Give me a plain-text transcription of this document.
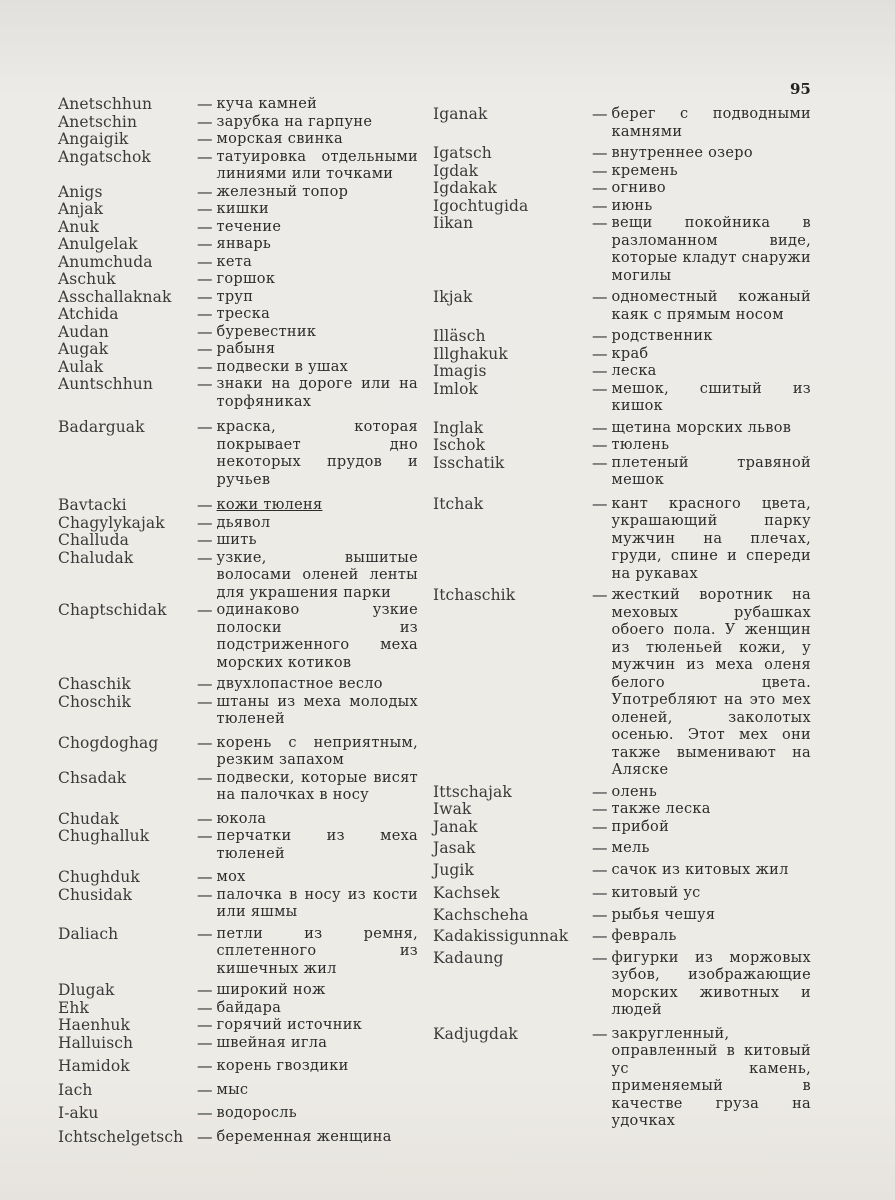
95
Anetschhun	— куча камней
Anetschin	— зарубка на гарпуне
Angaigik	— морская свинка
Angatschok	— татуировка отдельными линиями или точками
Anigs	— железный топор
Anjak	— кишки
Anuk	— течение
Anulgelak	— январь
Anumchuda	— кета
Aschuk	— горшок
Asschallaknak	— труп
Atchida	— треска
Audan	— буревестник
Augak	— рабыня
Aulak	— подвески в ушах
Auntschhun	— знаки на дороге или на торфяниках
Badarguak	— краска, которая покрывает дно некоторых прудов и ручьев
Bavtacki	— кожи тюленя
Chagylykajak	— дьявол
Challuda	— шить
Chaludak	— узкие, вышитые волосами оленей ленты для украшения парки
Chaptschidak	— одинаково узкие полоски из подстриженного меха морских котиков
Chaschik	— двухлопастное весло
Choschik	— штаны из меха молодых тюленей
Chogdoghag	— корень с неприятным, резким запахом
Chsadak	— подвески, которые висят на палочках в носу
Chudak	— юкола
Chughalluk	— перчатки из меха тюленей
Chughduk	— мох
Chusidak	— палочка в носу из кости или яшмы
Daliach	— петли из ремня, сплетенного из кишечных жил
Dlugak	— широкий нож
Ehk	— байдара
Haenhuk	— горячий источник
Halluisch	— швейная игла
Hamidok	— корень гвоздики
Iach	— мыс
I-aku	— водоросль
Ichtschelgetsch — беременная женщина
Iganak	— берег с подводными камнями
Igatsch	— внутреннее озеро
Igdak	— кремень
Igdakak	— огниво
Igochtugida	— июнь
Iikan	— вещи покойника в разломанном виде, которые кладут снаружи могилы
Ikjak	— одноместный кожаный каяк с прямым носом
Illäsch	— родственник
Illghakuk	— краб
Imagis	— леска
Imlok	— мешок, сшитый из кишок
Inglak	— щетина морских львов
Ischok	— тюлень
Isschatik	— плетеный травяной мешок
Itchak	— кант красного цвета, украшающий парку мужчин на плечах, груди, спине и спереди на рукавах
Itchaschik	— жесткий воротник на меховых рубашках обоего пола. У женщин из тюленьей кожи, у мужчин из меха оленя белого цвета. Употребляют на это мех оленей, заколотых осенью. Этот мех они также выменивают на Аляске
Ittschajak	— олень
Iwak	— также леска
Janak	— прибой
Jasak	— мель
Jugik	— сачок из китовых жил
Kachsek	— китовый ус
Kachscheha	— рыбья чешуя
Kadakissigunnak	— февраль
Kadaung	— фигурки из моржовых зубов, изображающие морских животных и людей
Kadjugdak	— закругленный, оправленный в китовый ус камень, применяемый в качестве груза на удочках
